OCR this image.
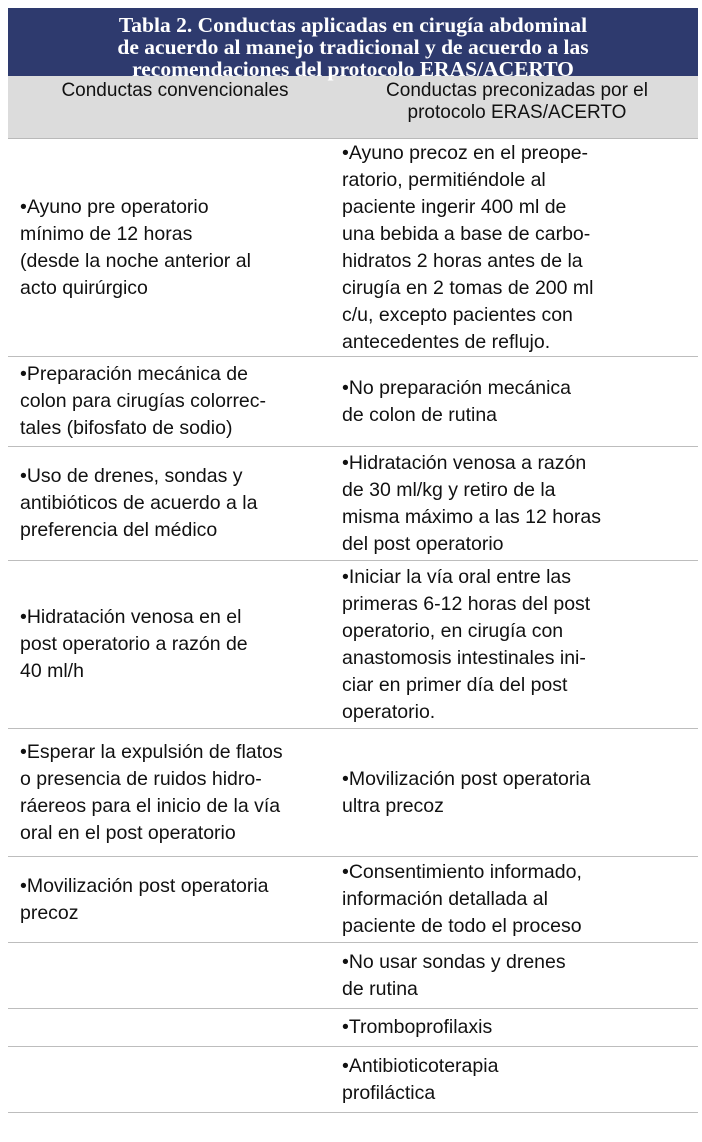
Tabla 2. Conductas aplicadas en cirugía abdominal
de acuerdo al manejo tradicional y de acuerdo a las
recomendaciones del protocolo ERAS/ACERTO
Conductas convencionales	Conductas preconizadas por el
protocolo ERAS/ACERTO
•Ayuno pre operatorio
mínimo de 12 horas
(desde la noche anterior al
acto quirúrgico
•Ayuno precoz en el preope-
ratorio, permitiéndole al
paciente ingerir 400 ml de
una bebida a base de carbo-
hidratos 2 horas antes de la
cirugía en 2 tomas de 200 ml
c/u, excepto pacientes con
antecedentes de reflujo.
•Preparación mecánica de
colon para cirugías colorrec-
tales (bifosfato de sodio)
•No preparación mecánica
de colon de rutina
•Uso de drenes, sondas y
antibióticos de acuerdo a la
preferencia del médico
•Hidratación venosa a razón
de 30 ml/kg y retiro de la
misma máximo a las 12 horas
del post operatorio
•Hidratación venosa en el
post operatorio a razón de
40 ml/h
•Iniciar la vía oral entre las
primeras 6-12 horas del post
operatorio, en cirugía con
anastomosis intestinales ini-
ciar en primer día del post
operatorio.
•Esperar la expulsión de flatos
o presencia de ruidos hidro-
ráereos para el inicio de la vía
oral en el post operatorio
•Movilización post operatoria
ultra precoz
•Movilización post operatoria
precoz
•Consentimiento informado,
información detallada al
paciente de todo el proceso
•No usar sondas y drenes
de rutina
•Tromboprofilaxis
•Antibioticoterapia
profiláctica
